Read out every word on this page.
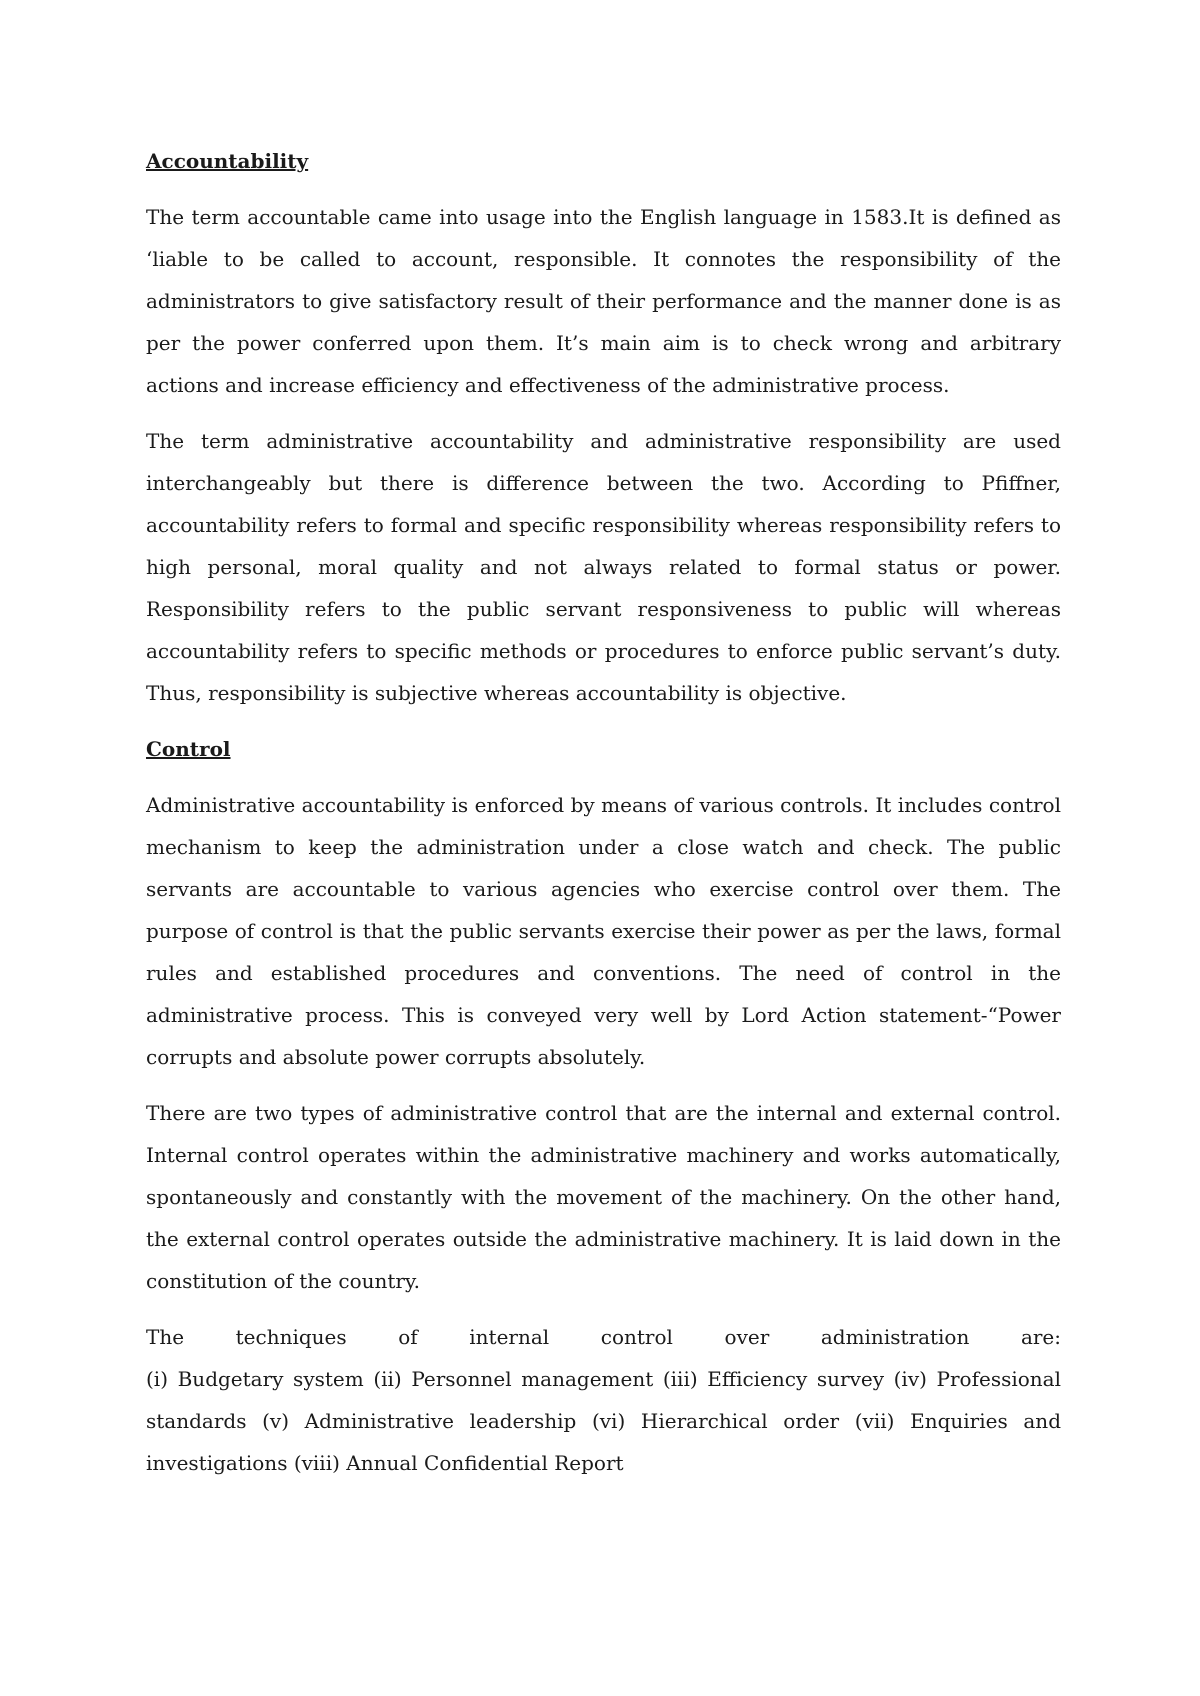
Accountability

The term accountable came into usage into the English language in 1583.It is defined as ‘liable to be called to account, responsible. It connotes the responsibility of the administrators to give satisfactory result of their performance and the manner done is as per the power conferred upon them. It’s main aim is to check wrong and arbitrary actions and increase efficiency and effectiveness of the administrative process.

The term administrative accountability and administrative responsibility are used interchangeably but there is difference between the two. According to Pfiffner, accountability refers to formal and specific responsibility whereas responsibility refers to high personal, moral quality and not always related to formal status or power. Responsibility refers to the public servant responsiveness to public will whereas accountability refers to specific methods or procedures to enforce public servant’s duty. Thus, responsibility is subjective whereas accountability is objective.

Control

Administrative accountability is enforced by means of various controls. It includes control mechanism to keep the administration under a close watch and check. The public servants are accountable to various agencies who exercise control over them. The purpose of control is that the public servants exercise their power as per the laws, formal rules and established procedures and conventions. The need of control in the administrative process. This is conveyed very well by Lord Action statement-“Power corrupts and absolute power corrupts absolutely.

There are two types of administrative control that are the internal and external control. Internal control operates within the administrative machinery and works automatically, spontaneously and constantly with the movement of the machinery. On the other hand, the external control operates outside the administrative machinery. It is laid down in the constitution of the country.

The techniques of internal control over administration are:
(i) Budgetary system (ii) Personnel management (iii) Efficiency survey (iv) Professional standards (v) Administrative leadership (vi) Hierarchical order (vii) Enquiries and investigations (viii) Annual Confidential Report
